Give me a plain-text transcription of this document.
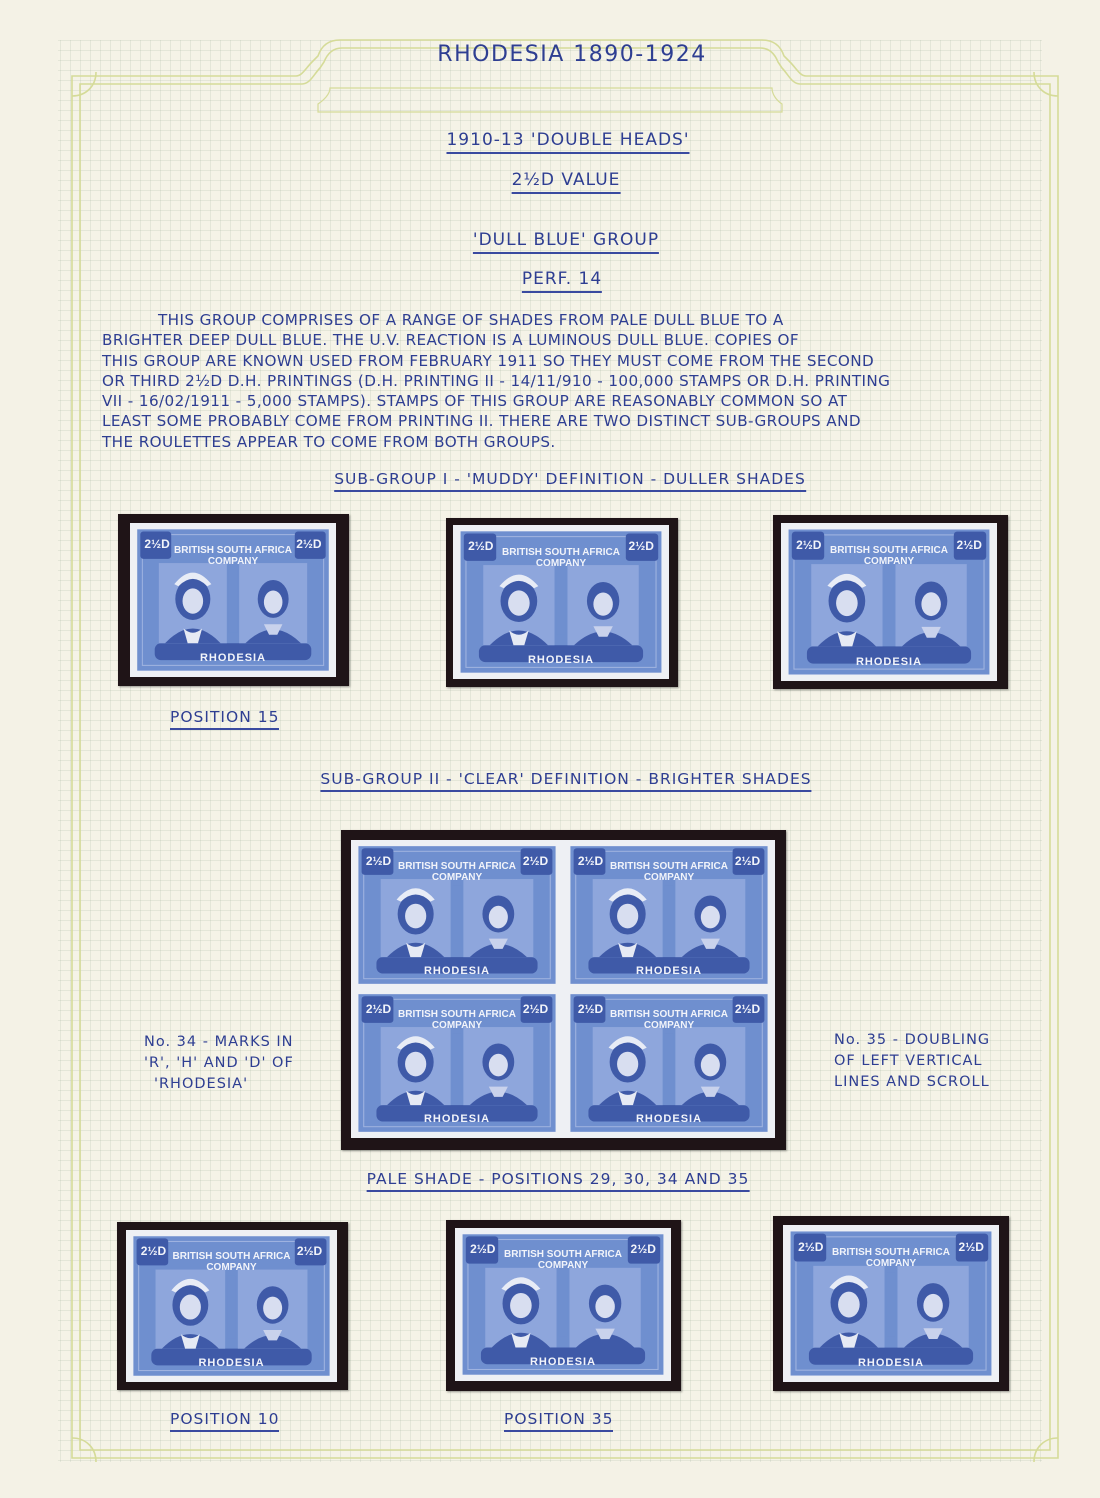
RHODESIA 1890-1924
1910-13 'DOUBLE HEADS'
2½D VALUE
'DULL BLUE' GROUP
PERF. 14
THIS GROUP COMPRISES OF A RANGE OF SHADES FROM PALE DULL BLUE TO A
BRIGHTER DEEP DULL BLUE. THE U.V. REACTION IS A LUMINOUS DULL BLUE. COPIES OF
THIS GROUP ARE KNOWN USED FROM FEBRUARY 1911 SO THEY MUST COME FROM THE SECOND
OR THIRD 2½D D.H. PRINTINGS (D.H. PRINTING II - 14/11/910 - 100,000 STAMPS OR D.H. PRINTING
VII - 16/02/1911 - 5,000 STAMPS). STAMPS OF THIS GROUP ARE REASONABLY COMMON SO AT
LEAST SOME PROBABLY COME FROM PRINTING II. THERE ARE TWO DISTINCT SUB-GROUPS AND
THE ROULETTES APPEAR TO COME FROM BOTH GROUPS.
SUB-GROUP I - 'MUDDY' DEFINITION - DULLER SHADES
BRITISH SOUTH AFRICA
COMPANY
2½D	2½D
RHODESIA
BRITISH SOUTH AFRICA
COMPANY
2½D	2½D
RHODESIA
BRITISH SOUTH AFRICA
COMPANY
2½D	2½D
RHODESIA
POSITION 15
SUB-GROUP II - 'CLEAR' DEFINITION - BRIGHTER SHADES
BRITISH SOUTH AFRICA
COMPANY
2½D	2½D
RHODESIA
BRITISH SOUTH AFRICA
COMPANY
2½D	2½D
RHODESIA
BRITISH SOUTH AFRICA
COMPANY
2½D	2½D
RHODESIA
BRITISH SOUTH AFRICA
COMPANY
2½D	2½D
RHODESIA
No. 34 - MARKS IN
'R', 'H' AND 'D' OF
'RHODESIA'
No. 35 - DOUBLING
OF LEFT VERTICAL
LINES AND SCROLL
PALE SHADE - POSITIONS 29, 30, 34 AND 35
BRITISH SOUTH AFRICA
COMPANY
2½D	2½D
RHODESIA
BRITISH SOUTH AFRICA
COMPANY
2½D	2½D
RHODESIA
BRITISH SOUTH AFRICA
COMPANY
2½D	2½D
RHODESIA
POSITION 10	POSITION 35
